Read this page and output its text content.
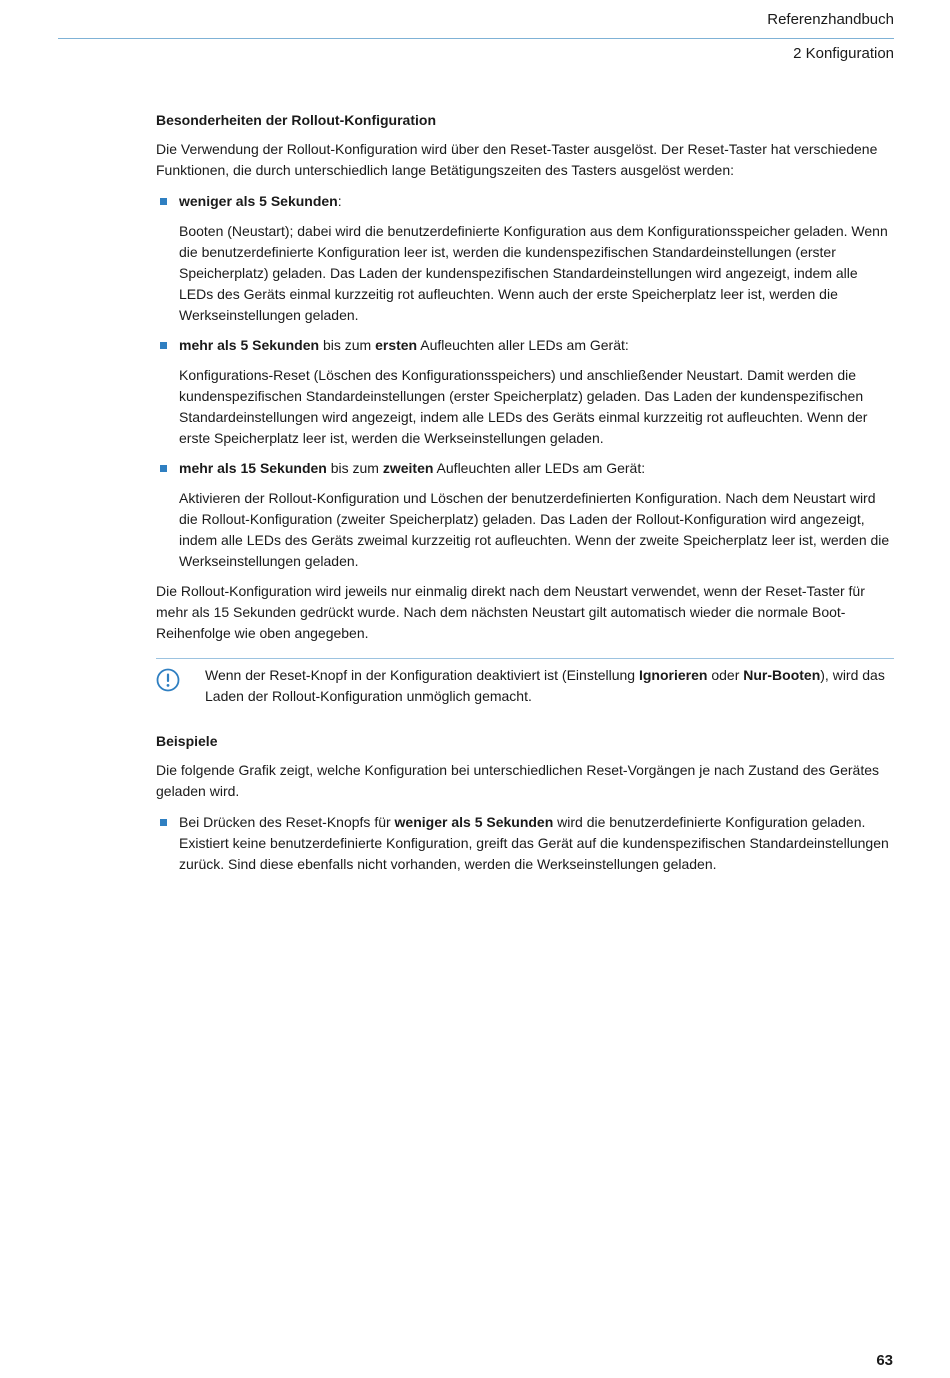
Referenzhandbuch
2 Konfiguration
Besonderheiten der Rollout-Konfiguration

Die Verwendung der Rollout-Konfiguration wird über den Reset-Taster ausgelöst. Der Reset-Taster hat verschiedene Funktionen, die durch unterschiedlich lange Betätigungszeiten des Tasters ausgelöst werden:

weniger als 5 Sekunden:

Booten (Neustart); dabei wird die benutzerdefinierte Konfiguration aus dem Konfigurationsspeicher geladen. Wenn die benutzerdefinierte Konfiguration leer ist, werden die kundenspezifischen Standardeinstellungen (erster Speicherplatz) geladen. Das Laden der kundenspezifischen Standardeinstellungen wird angezeigt, indem alle LEDs des Geräts einmal kurzzeitig rot aufleuchten. Wenn auch der erste Speicherplatz leer ist, werden die Werkseinstellungen geladen.

mehr als 5 Sekunden bis zum ersten Aufleuchten aller LEDs am Gerät:

Konfigurations-Reset (Löschen des Konfigurationsspeichers) und anschließender Neustart. Damit werden die kundenspezifischen Standardeinstellungen (erster Speicherplatz) geladen. Das Laden der kundenspezifischen Standardeinstellungen wird angezeigt, indem alle LEDs des Geräts einmal kurzzeitig rot aufleuchten. Wenn der erste Speicherplatz leer ist, werden die Werkseinstellungen geladen.

mehr als 15 Sekunden bis zum zweiten Aufleuchten aller LEDs am Gerät:

Aktivieren der Rollout-Konfiguration und Löschen der benutzerdefinierten Konfiguration. Nach dem Neustart wird die Rollout-Konfiguration (zweiter Speicherplatz) geladen. Das Laden der Rollout-Konfiguration wird angezeigt, indem alle LEDs des Geräts zweimal kurzzeitig rot aufleuchten. Wenn der zweite Speicherplatz leer ist, werden die Werkseinstellungen geladen.

Die Rollout-Konfiguration wird jeweils nur einmalig direkt nach dem Neustart verwendet, wenn der Reset-Taster für mehr als 15 Sekunden gedrückt wurde. Nach dem nächsten Neustart gilt automatisch wieder die normale Boot-Reihenfolge wie oben angegeben.

Wenn der Reset-Knopf in der Konfiguration deaktiviert ist (Einstellung Ignorieren oder Nur-Booten), wird das Laden der Rollout-Konfiguration unmöglich gemacht.
Beispiele

Die folgende Grafik zeigt, welche Konfiguration bei unterschiedlichen Reset-Vorgängen je nach Zustand des Gerätes geladen wird.

Bei Drücken des Reset-Knopfs für weniger als 5 Sekunden wird die benutzerdefinierte Konfiguration geladen. Existiert keine benutzerdefinierte Konfiguration, greift das Gerät auf die kundenspezifischen Standardeinstellungen zurück. Sind diese ebenfalls nicht vorhanden, werden die Werkseinstellungen geladen.
63
